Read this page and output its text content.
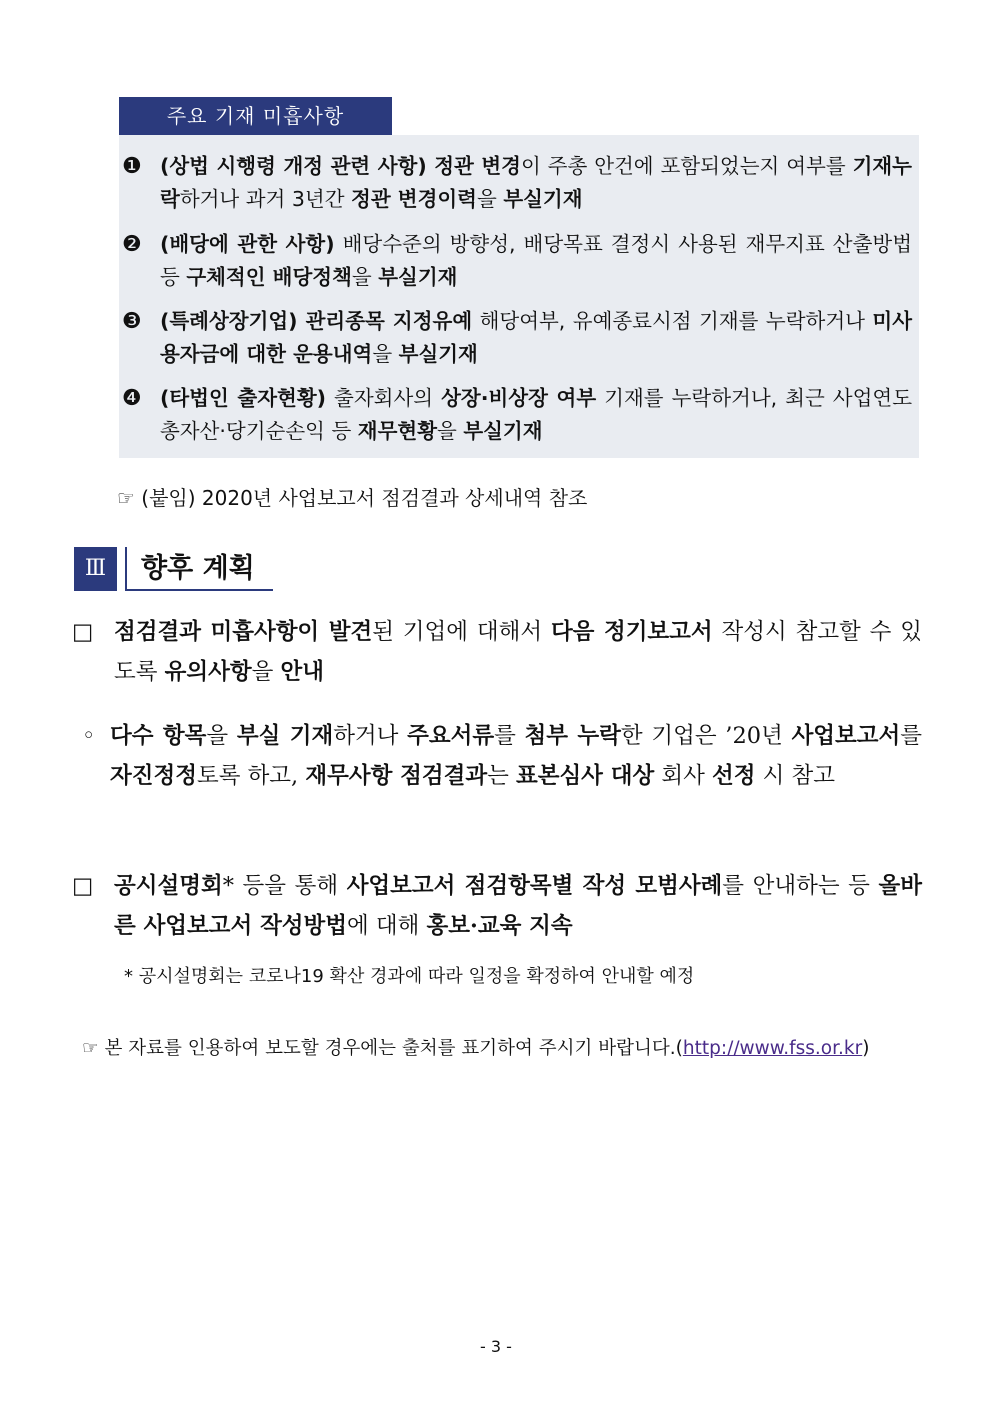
주요 기재 미흡사항
❶ (상법 시행령 개정 관련 사항) 정관 변경이 주총 안건에 포함되었는지 여부를 기재누락하거나 과거 3년간 정관 변경이력을 부실기재
❷ (배당에 관한 사항) 배당수준의 방향성, 배당목표 결정시 사용된 재무지표 산출방법 등 구체적인 배당정책을 부실기재
❸ (특례상장기업) 관리종목 지정유예 해당여부, 유예종료시점 기재를 누락하거나 미사용자금에 대한 운용내역을 부실기재
❹ (타법인 출자현황) 출자회사의 상장·비상장 여부 기재를 누락하거나, 최근 사업연도 총자산·당기순손익 등 재무현황을 부실기재
☞ (붙임) 2020년 사업보고서 점검결과 상세내역 참조
Ⅲ	향후 계획
□ 점검결과 미흡사항이 발견된 기업에 대해서 다음 정기보고서 작성시 참고할 수 있도록 유의사항을 안내
◦ 다수 항목을 부실 기재하거나 주요서류를 첨부 누락한 기업은 ’20년 사업보고서를 자진정정토록 하고, 재무사항 점검결과는 표본심사 대상 회사 선정 시 참고
□ 공시설명회* 등을 통해 사업보고서 점검항목별 작성 모범사례를 안내하는 등 올바른 사업보고서 작성방법에 대해 홍보·교육 지속
* 공시설명회는 코로나19 확산 경과에 따라 일정을 확정하여 안내할 예정
☞ 본 자료를 인용하여 보도할 경우에는 출처를 표기하여 주시기 바랍니다.(http://www.fss.or.kr)
- 3 -
